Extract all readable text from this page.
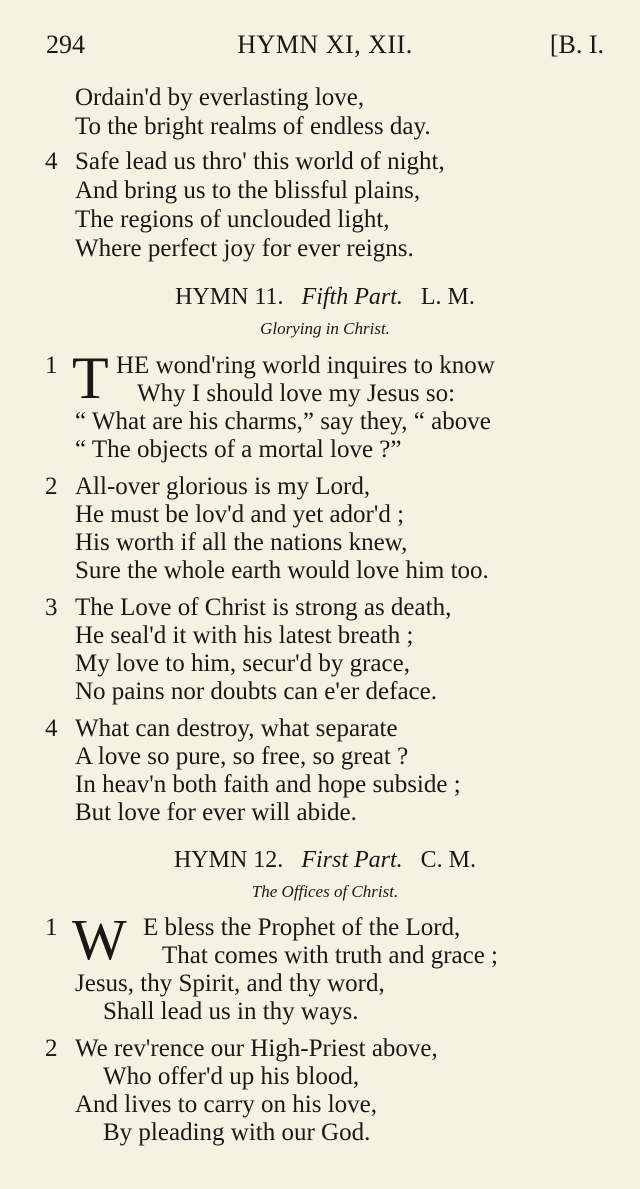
294	HYMN XI, XII.	[B. I.
Ordain'd by everlasting love,
To the bright realms of endless day.
4 Safe lead us thro' this world of night,
And bring us to the blissful plains,
The regions of unclouded light,
Where perfect joy for ever reigns.
HYMN 11. Fifth Part. L. M.
Glorying in Christ.
1 T HE wond'ring world inquires to know
Why I should love my Jesus so:
“ What are his charms,” say they, “ above
“ The objects of a mortal love ?”
2 All-over glorious is my Lord,
He must be lov'd and yet ador'd ;
His worth if all the nations knew,
Sure the whole earth would love him too.
3 The Love of Christ is strong as death,
He seal'd it with his latest breath ;
My love to him, secur'd by grace,
No pains nor doubts can e'er deface.
4 What can destroy, what separate
A love so pure, so free, so great ?
In heav'n both faith and hope subside ;
But love for ever will abide.
HYMN 12. First Part. C. M.
The Offices of Christ.
1 W E bless the Prophet of the Lord,
That comes with truth and grace ;
Jesus, thy Spirit, and thy word,
Shall lead us in thy ways.
2 We rev'rence our High-Priest above,
Who offer'd up his blood,
And lives to carry on his love,
By pleading with our God.
